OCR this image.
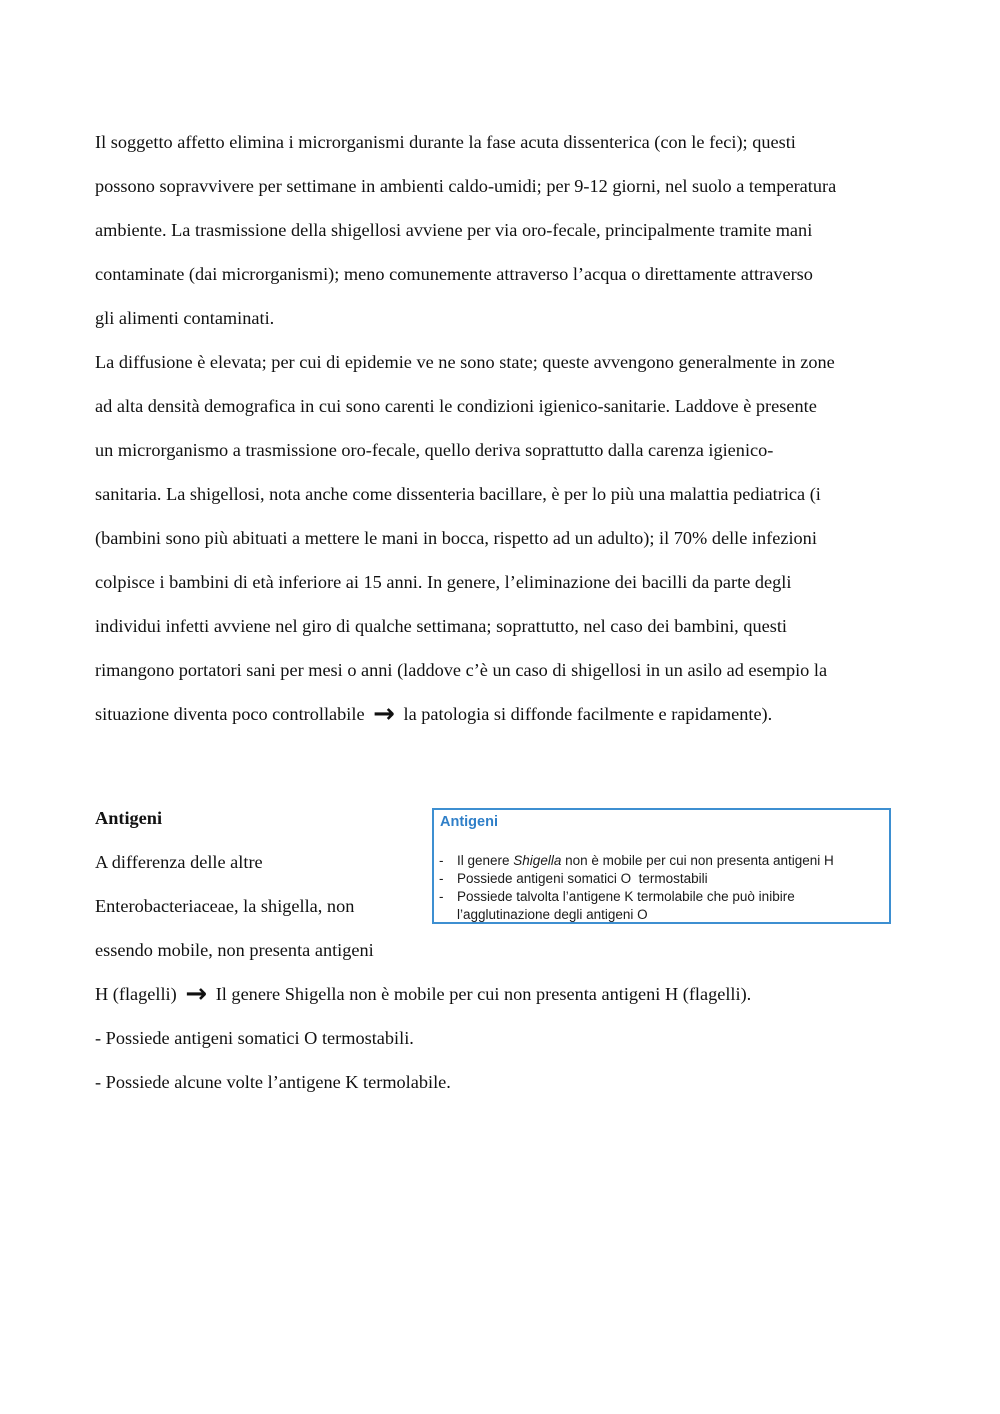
Il soggetto affetto elimina i microrganismi durante la fase acuta dissenterica (con le feci); questi
possono sopravvivere per settimane in ambienti caldo-umidi; per 9-12 giorni, nel suolo a temperatura
ambiente. La trasmissione della shigellosi avviene per via oro-fecale, principalmente tramite mani
contaminate (dai microrganismi); meno comunemente attraverso l’acqua o direttamente attraverso
gli alimenti contaminati.
La diffusione è elevata; per cui di epidemie ve ne sono state; queste avvengono generalmente in zone
ad alta densità demografica in cui sono carenti le condizioni igienico-sanitarie. Laddove è presente
un microrganismo a trasmissione oro-fecale, quello deriva soprattutto dalla carenza igienico-
sanitaria. La shigellosi, nota anche come dissenteria bacillare, è per lo più una malattia pediatrica (i
(bambini sono più abituati a mettere le mani in bocca, rispetto ad un adulto); il 70% delle infezioni
colpisce i bambini di età inferiore ai 15 anni. In genere, l’eliminazione dei bacilli da parte degli
individui infetti avviene nel giro di qualche settimana; soprattutto, nel caso dei bambini, questi
rimangono portatori sani per mesi o anni (laddove c’è un caso di shigellosi in un asilo ad esempio la
situazione diventa poco controllabile → la patologia si diffonde facilmente e rapidamente).
Antigeni
A differenza delle altre
Enterobacteriaceae, la shigella, non
essendo mobile, non presenta antigeni
H (flagelli) → Il genere Shigella non è mobile per cui non presenta antigeni H (flagelli).
- Possiede antigeni somatici O termostabili.
- Possiede alcune volte l’antigene K termolabile.
Antigeni
- Il genere Shigella non è mobile per cui non presenta antigeni H
- Possiede antigeni somatici O  termostabili
- Possiede talvolta l’antigene K termolabile che può inibire
l’agglutinazione degli antigeni O
